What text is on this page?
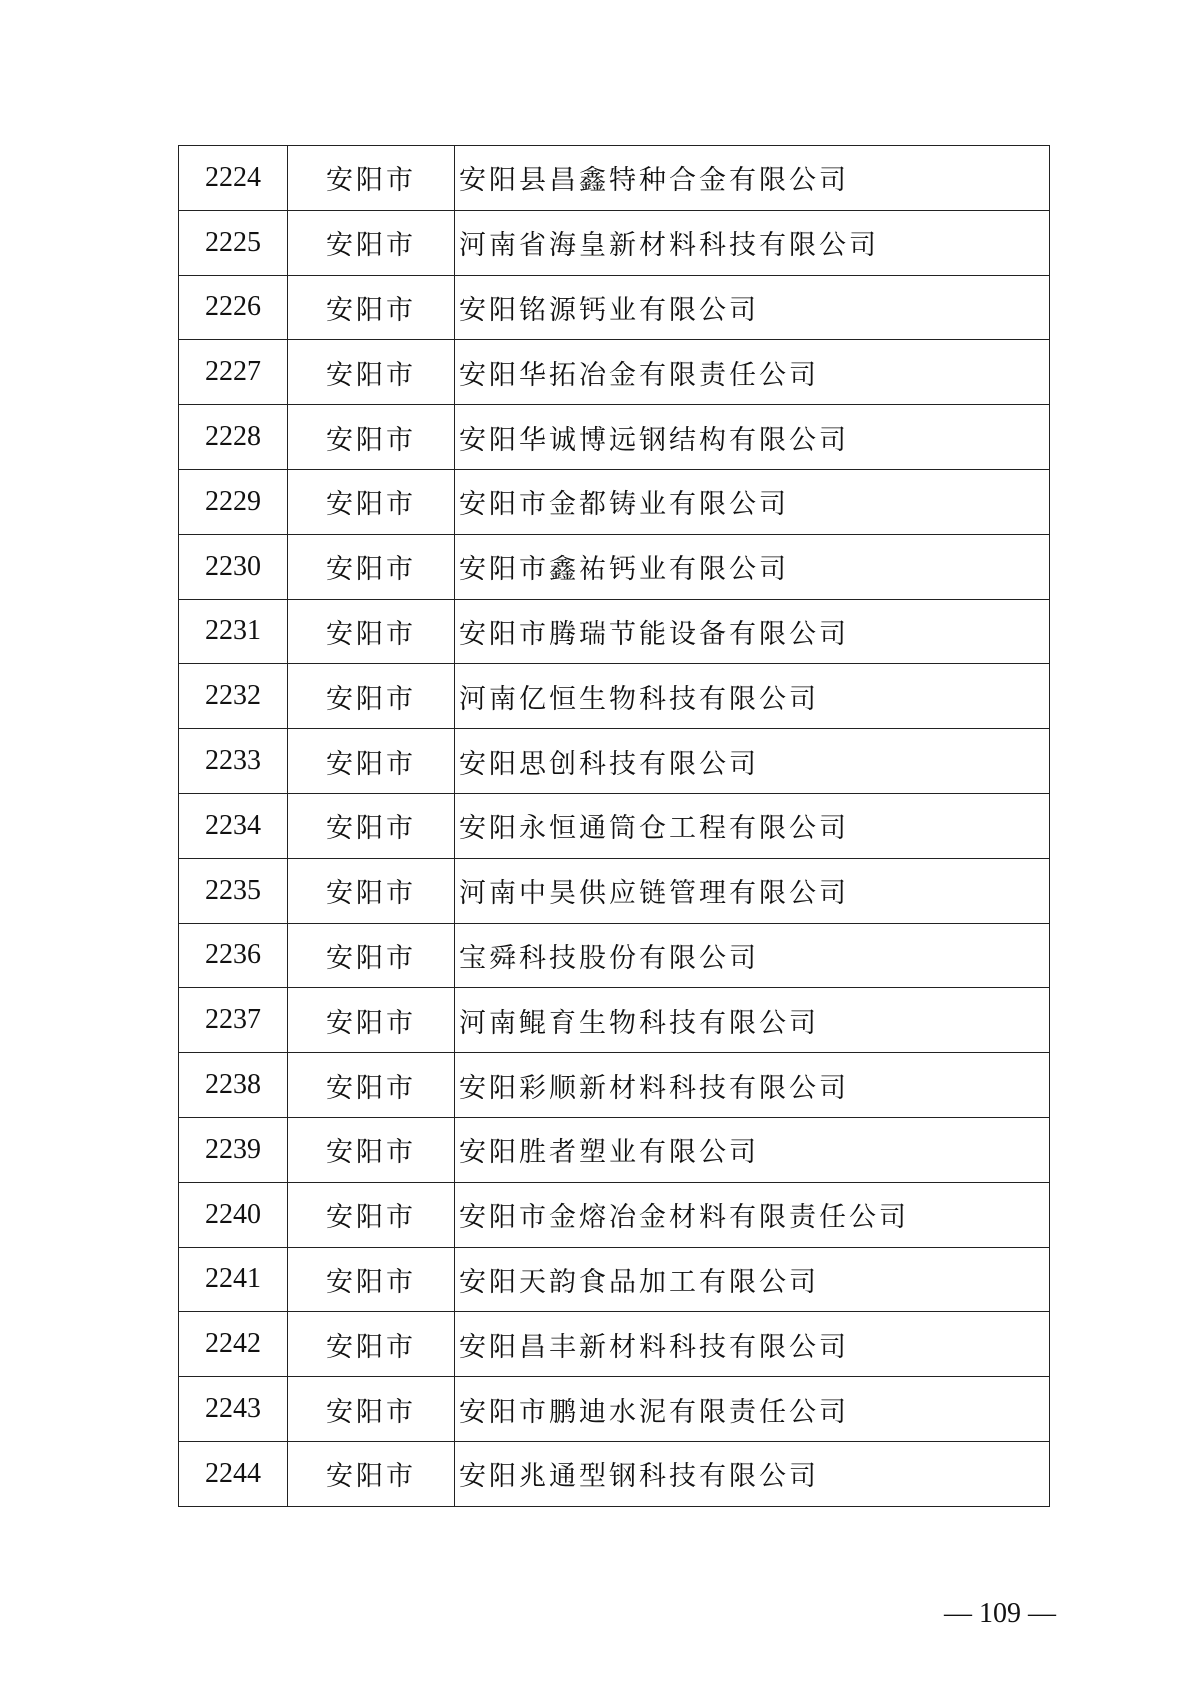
2224	安阳市	安阳县昌鑫特种合金有限公司
2225	安阳市	河南省海皇新材料科技有限公司
2226	安阳市	安阳铭源钙业有限公司
2227	安阳市	安阳华拓冶金有限责任公司
2228	安阳市	安阳华诚博远钢结构有限公司
2229	安阳市	安阳市金都铸业有限公司
2230	安阳市	安阳市鑫祐钙业有限公司
2231	安阳市	安阳市腾瑞节能设备有限公司
2232	安阳市	河南亿恒生物科技有限公司
2233	安阳市	安阳思创科技有限公司
2234	安阳市	安阳永恒通筒仓工程有限公司
2235	安阳市	河南中昊供应链管理有限公司
2236	安阳市	宝舜科技股份有限公司
2237	安阳市	河南鲲育生物科技有限公司
2238	安阳市	安阳彩顺新材料科技有限公司
2239	安阳市	安阳胜者塑业有限公司
2240	安阳市	安阳市金熔冶金材料有限责任公司
2241	安阳市	安阳天韵食品加工有限公司
2242	安阳市	安阳昌丰新材料科技有限公司
2243	安阳市	安阳市鹏迪水泥有限责任公司
2244	安阳市	安阳兆通型钢科技有限公司
— 109 —
